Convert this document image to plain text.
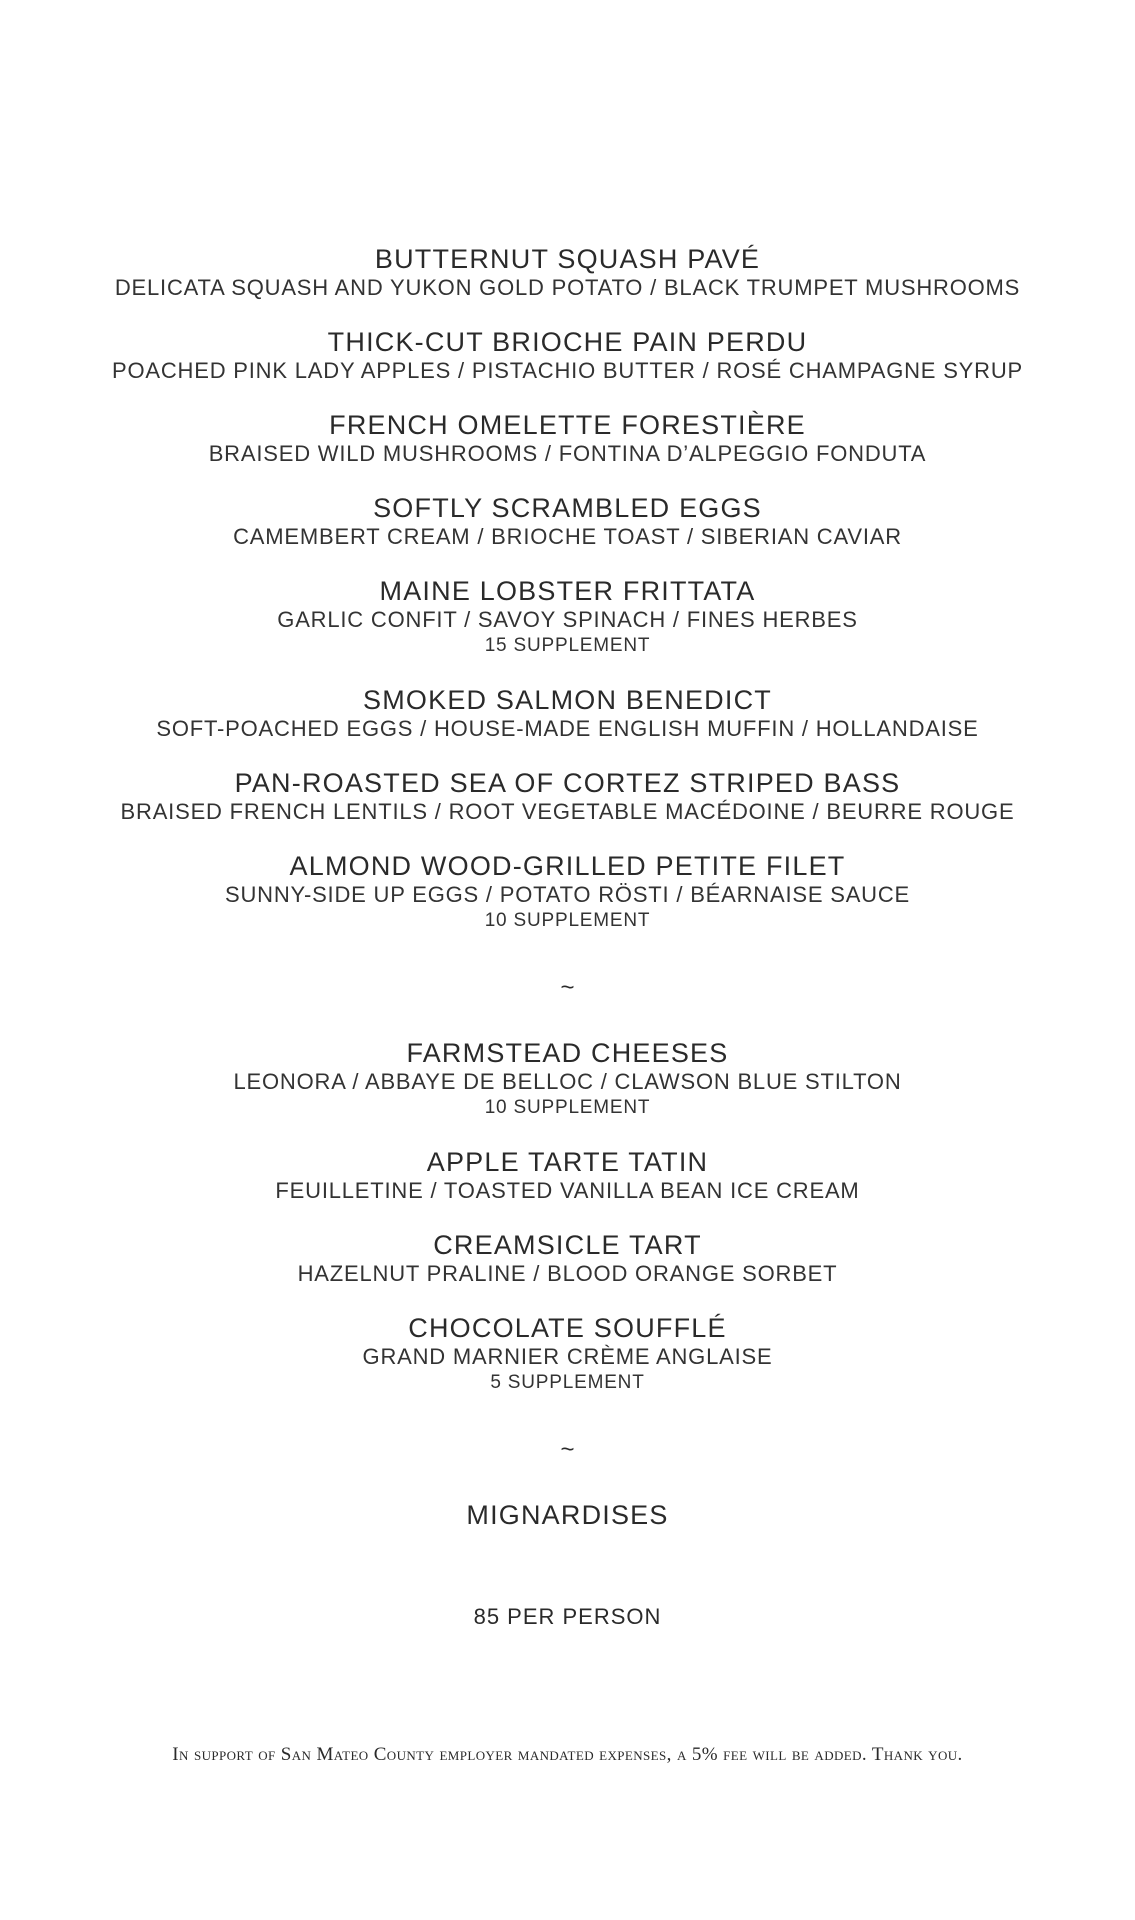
BUTTERNUT SQUASH PAVÉ
DELICATA SQUASH AND YUKON GOLD POTATO / BLACK TRUMPET MUSHROOMS
THICK-CUT BRIOCHE PAIN PERDU
POACHED PINK LADY APPLES / PISTACHIO BUTTER / ROSÉ CHAMPAGNE SYRUP
FRENCH OMELETTE FORESTIÈRE
BRAISED WILD MUSHROOMS / FONTINA D’ALPEGGIO FONDUTA
SOFTLY SCRAMBLED EGGS
CAMEMBERT CREAM / BRIOCHE TOAST / SIBERIAN CAVIAR
MAINE LOBSTER FRITTATA
GARLIC CONFIT / SAVOY SPINACH / FINES HERBES
15 SUPPLEMENT
SMOKED SALMON BENEDICT
SOFT-POACHED EGGS / HOUSE-MADE ENGLISH MUFFIN / HOLLANDAISE
PAN-ROASTED SEA OF CORTEZ STRIPED BASS
BRAISED FRENCH LENTILS / ROOT VEGETABLE MACÉDOINE / BEURRE ROUGE
ALMOND WOOD-GRILLED PETITE FILET
SUNNY-SIDE UP EGGS / POTATO RÖSTI / BÉARNAISE SAUCE
10 SUPPLEMENT
~
FARMSTEAD CHEESES
LEONORA / ABBAYE DE BELLOC / CLAWSON BLUE STILTON
10 SUPPLEMENT
APPLE TARTE TATIN
FEUILLETINE / TOASTED VANILLA BEAN ICE CREAM
CREAMSICLE TART
HAZELNUT PRALINE / BLOOD ORANGE SORBET
CHOCOLATE SOUFFLÉ
GRAND MARNIER CRÈME ANGLAISE
5 SUPPLEMENT
~
MIGNARDISES
85 PER PERSON
In support of San Mateo County employer mandated expenses, a 5% fee will be added. Thank you.
